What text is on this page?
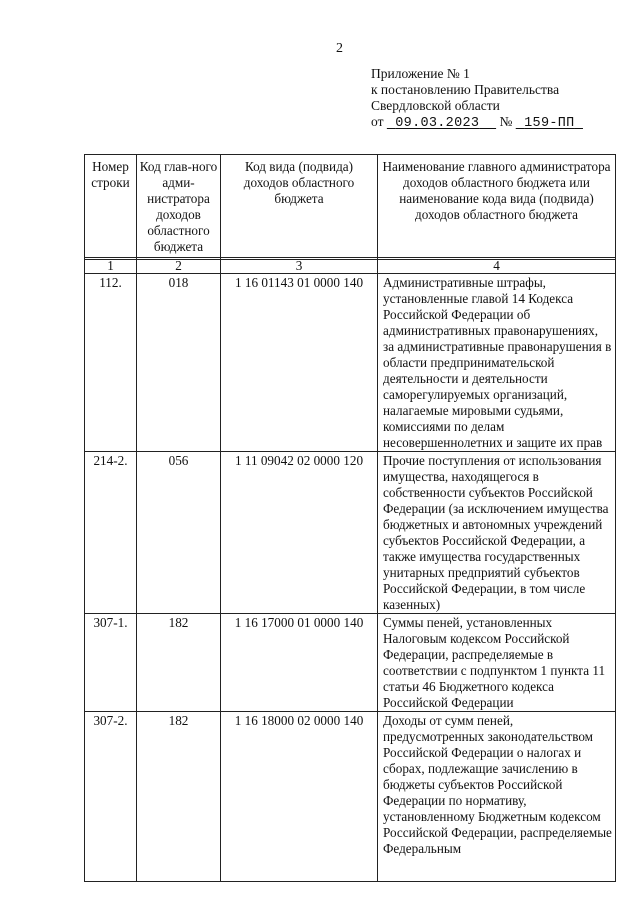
2
Приложение № 1
к постановлению Правительства
Свердловской области
от 09.03.2023 № 159-ПП
Номер строки	Код глав-ного адми-нистратора доходов областного бюджета	Код вида (подвида) доходов областного бюджета	Наименование главного администратора доходов областного бюджета или наименование кода вида (подвида) доходов областного бюджета
1	2	3	4
112.	018	1 16 01143 01 0000 140	Административные штрафы, установленные главой 14 Кодекса Российской Федерации об административных правонарушениях, за административные правонарушения в области предпринимательской деятельности и деятельности саморегулируемых организаций, налагаемые мировыми судьями, комиссиями по делам несовершеннолетних и защите их прав
214-2.	056	1 11 09042 02 0000 120	Прочие поступления от использования имущества, находящегося в собственности субъектов Российской Федерации (за исключением имущества бюджетных и автономных учреждений субъектов Российской Федерации, а также имущества государственных унитарных предприятий субъектов Российской Федерации, в том числе казенных)
307-1.	182	1 16 17000 01 0000 140	Суммы пеней, установленных Налоговым кодексом Российской Федерации, распределяемые в соответствии с подпунктом 1 пункта 11 статьи 46 Бюджетного кодекса Российской Федерации
307-2.	182	1 16 18000 02 0000 140	Доходы от сумм пеней, предусмотренных законодательством Российской Федерации о налогах и сборах, подлежащие зачислению в бюджеты субъектов Российской Федерации по нормативу, установленному Бюджетным кодексом Российской Федерации, распределяемые Федеральным
